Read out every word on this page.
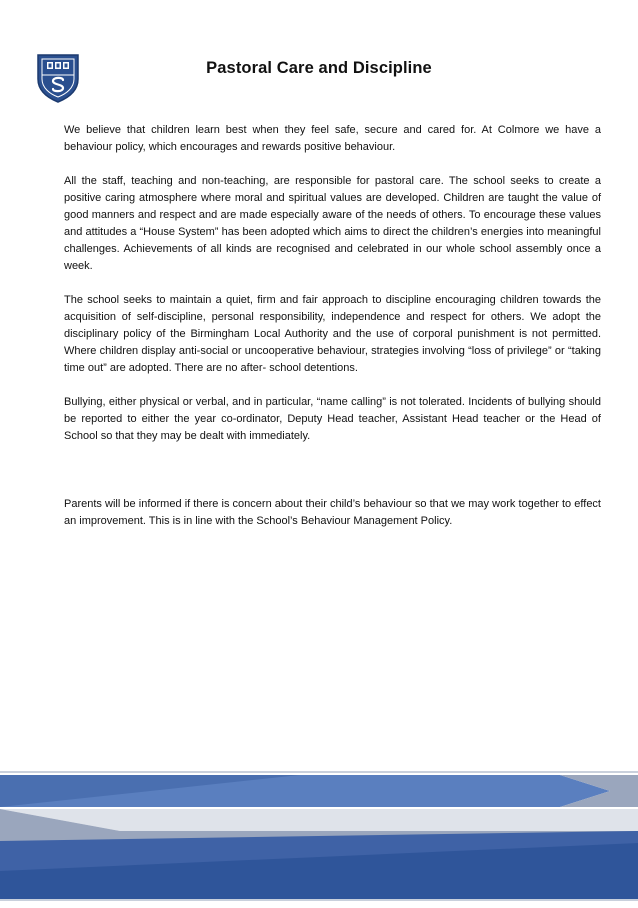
Pastoral Care and Discipline

We believe that children learn best when they feel safe, secure and cared for. At Colmore we have a behaviour policy, which encourages and rewards positive behaviour.

All the staff, teaching and non-teaching, are responsible for pastoral care. The school seeks to create a positive caring atmosphere where moral and spiritual values are developed. Children are taught the value of good manners and respect and are made especially aware of the needs of others. To encourage these values and attitudes a “House System” has been adopted which aims to direct the children’s energies into meaningful challenges. Achievements of all kinds are recognised and celebrated in our whole school assembly once a week.

The school seeks to maintain a quiet, firm and fair approach to discipline encouraging children towards the acquisition of self-discipline, personal responsibility, independence and respect for others. We adopt the disciplinary policy of the Birmingham Local Authority and the use of corporal punishment is not permitted. Where children display anti-social or uncooperative behaviour, strategies involving “loss of privilege” or “taking time out” are adopted. There are no after- school detentions.

Bullying, either physical or verbal, and in particular, “name calling” is not tolerated. Incidents of bullying should be reported to either the year co-ordinator, Deputy Head teacher, Assistant Head teacher or the Head of School so that they may be dealt with immediately.

Parents will be informed if there is concern about their child’s behaviour so that we may work together to effect an improvement. This is in line with the School’s Behaviour Management Policy.
